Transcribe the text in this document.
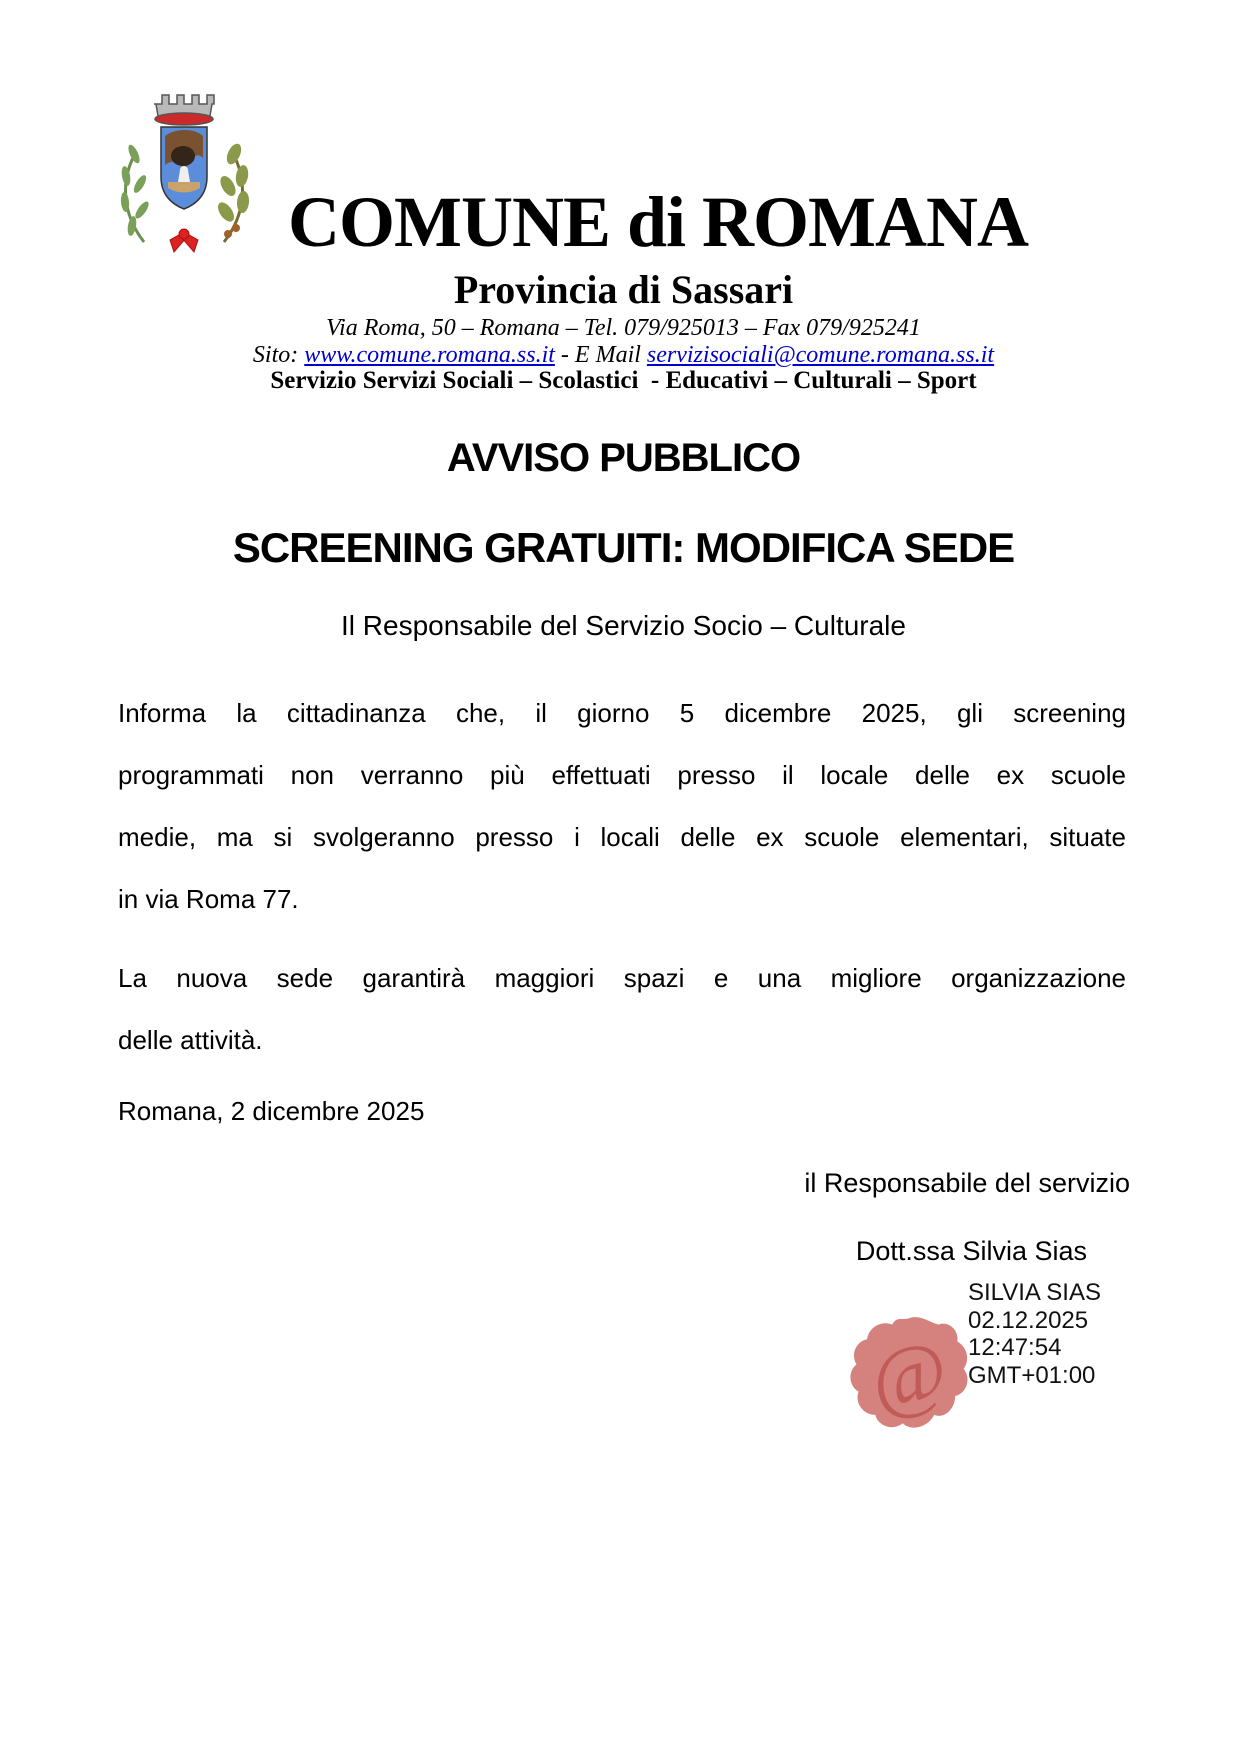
COMUNE di ROMANA
Provincia di Sassari
Via Roma, 50 – Romana – Tel. 079/925013 – Fax 079/925241
Sito: www.comune.romana.ss.it - E Mail servizisociali@comune.romana.ss.it
Servizio Servizi Sociali – Scolastici  - Educativi – Culturali – Sport
AVVISO PUBBLICO
SCREENING GRATUITI: MODIFICA SEDE
Il Responsabile del Servizio Socio – Culturale
Informa la cittadinanza che, il giorno 5 dicembre 2025, gli screening
programmati non verranno più effettuati presso il locale delle ex scuole
medie, ma si svolgeranno presso i locali delle ex scuole elementari, situate
in via Roma 77.
La nuova sede garantirà maggiori spazi e una migliore organizzazione
delle attività.
Romana, 2 dicembre 2025
il Responsabile del servizio
Dott.ssa Silvia Sias
@
SILVIA SIAS
02.12.2025
12:47:54
GMT+01:00
